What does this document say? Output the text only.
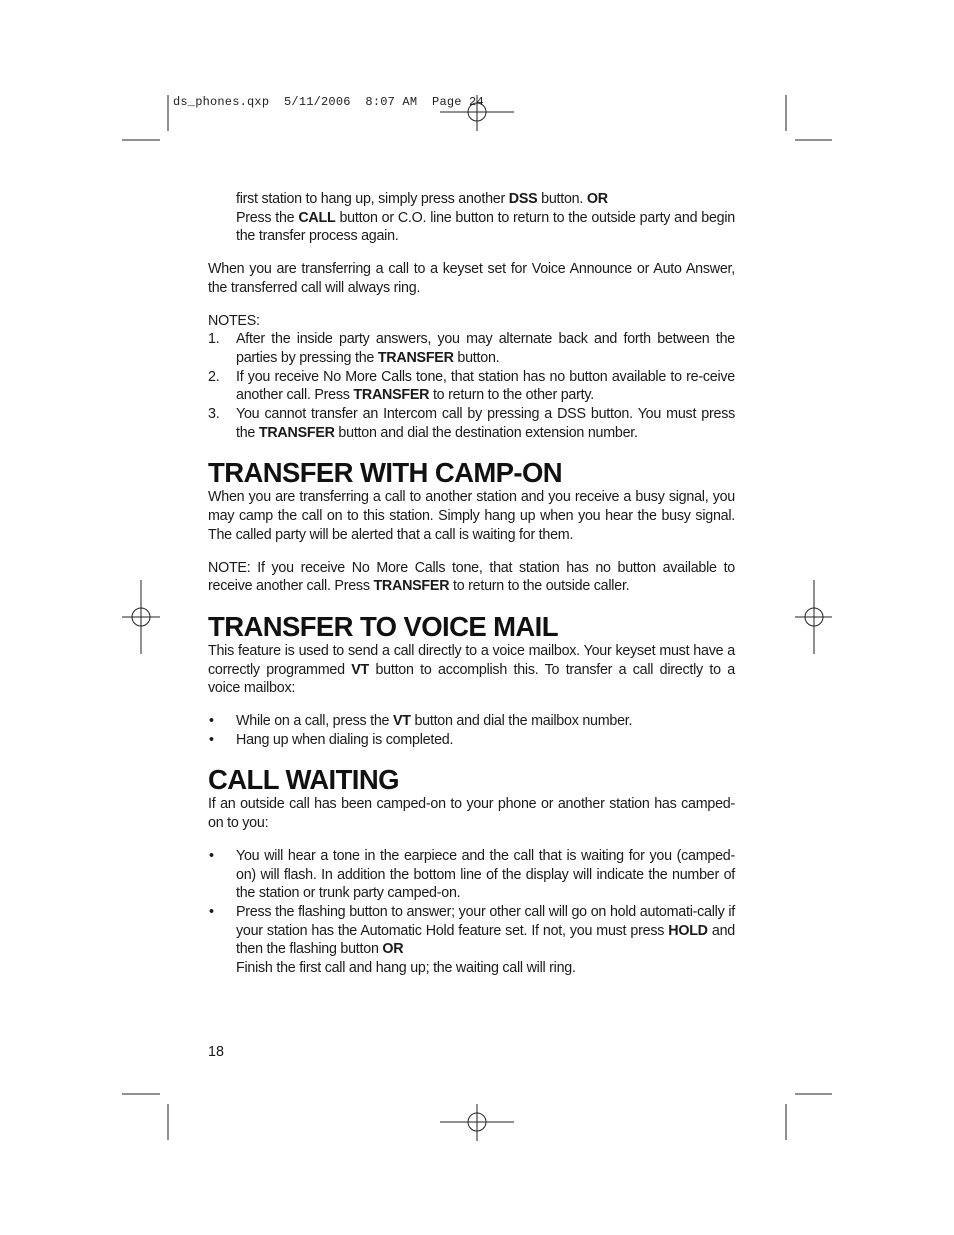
ds_phones.qxp  5/11/2006  8:07 AM  Page 24

first station to hang up, simply press another DSS button. OR

Press the CALL button or C.O. line button to return to the outside party and begin the transfer process again.

When you are transferring a call to a keyset set for Voice Announce or Auto Answer, the transferred call will always ring.

NOTES:

1. After the inside party answers, you may alternate back and forth between the parties by pressing the TRANSFER button.
2. If you receive No More Calls tone, that station has no button available to re-ceive another call. Press TRANSFER to return to the other party.
3. You cannot transfer an Intercom call by pressing a DSS button. You must press the TRANSFER button and dial the destination extension number.
TRANSFER WITH CAMP-ON

When you are transferring a call to another station and you receive a busy signal, you may camp the call on to this station. Simply hang up when you hear the busy signal. The called party will be alerted that a call is waiting for them.

NOTE: If you receive No More Calls tone, that station has no button available to receive another call. Press TRANSFER to return to the outside caller.

TRANSFER TO VOICE MAIL

This feature is used to send a call directly to a voice mailbox. Your keyset must have a correctly programmed VT button to accomplish this. To transfer a call directly to a voice mailbox:

• While on a call, press the VT button and dial the mailbox number.
• Hang up when dialing is completed.
CALL WAITING

If an outside call has been camped-on to your phone or another station has camped-on to you:

• You will hear a tone in the earpiece and the call that is waiting for you (camped-on) will flash. In addition the bottom line of the display will indicate the number of the station or trunk party camped-on.
• Press the flashing button to answer; your other call will go on hold automati-cally if your station has the Automatic Hold feature set. If not, you must press HOLD and then the flashing button OR
Finish the first call and hang up; the waiting call will ring.
18
